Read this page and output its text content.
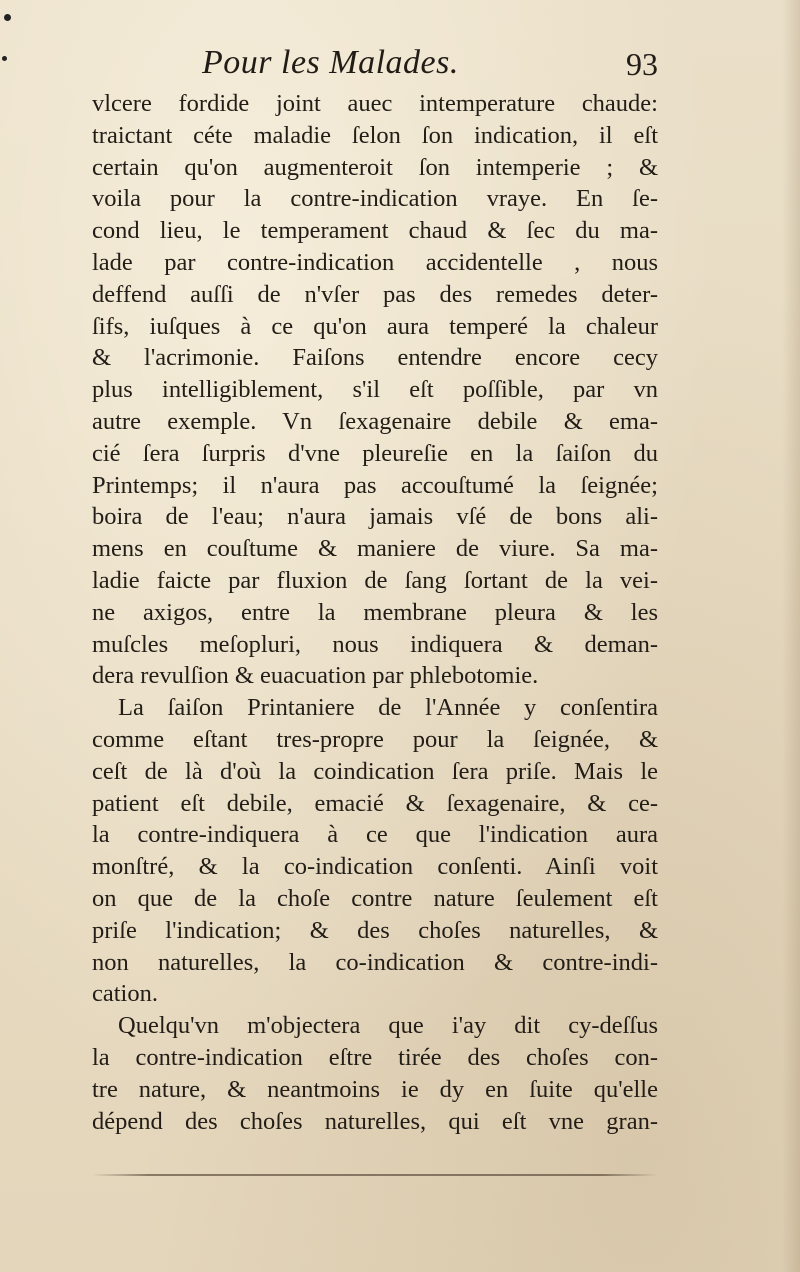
Pour les Malades.	93
vlcere fordide joint auec intemperature chaude:
traictant céte maladie ſelon ſon indication, il eſt
certain qu'on augmenteroit ſon intemperie ; &
voila pour la contre-indication vraye. En ſe-
cond lieu, le temperament chaud & ſec du ma-
lade par contre-indication accidentelle , nous
deffend auſſi de n'vſer pas des remedes deter-
ſifs, iuſques à ce qu'on aura temperé la chaleur
& l'acrimonie. Faiſons entendre encore cecy
plus intelligiblement, s'il eſt poſſible, par vn
autre exemple. Vn ſexagenaire debile & ema-
cié ſera ſurpris d'vne pleureſie en la ſaiſon du
Printemps; il n'aura pas accouſtumé la ſeignée;
boira de l'eau; n'aura jamais vſé de bons ali-
mens en couſtume & maniere de viure. Sa ma-
ladie faicte par fluxion de ſang ſortant de la vei-
ne axigos, entre la membrane pleura & les
muſcles meſopluri, nous indiquera & deman-
dera revulſion & euacuation par phlebotomie.
La ſaiſon Printaniere de l'Année y conſentira
comme eſtant tres-propre pour la ſeignée, &
ceſt de là d'où la coindication ſera priſe. Mais le
patient eſt debile, emacié & ſexagenaire, & ce-
la contre-indiquera à ce que l'indication aura
monſtré, & la co-indication conſenti. Ainſi voit
on que de la choſe contre nature ſeulement eſt
priſe l'indication; & des choſes naturelles, &
non naturelles, la co-indication & contre-indi-
cation.
Quelqu'vn m'objectera que i'ay dit cy-deſſus
la contre-indication eſtre tirée des choſes con-
tre nature, & neantmoins ie dy en ſuite qu'elle
dépend des choſes naturelles, qui eſt vne gran-
